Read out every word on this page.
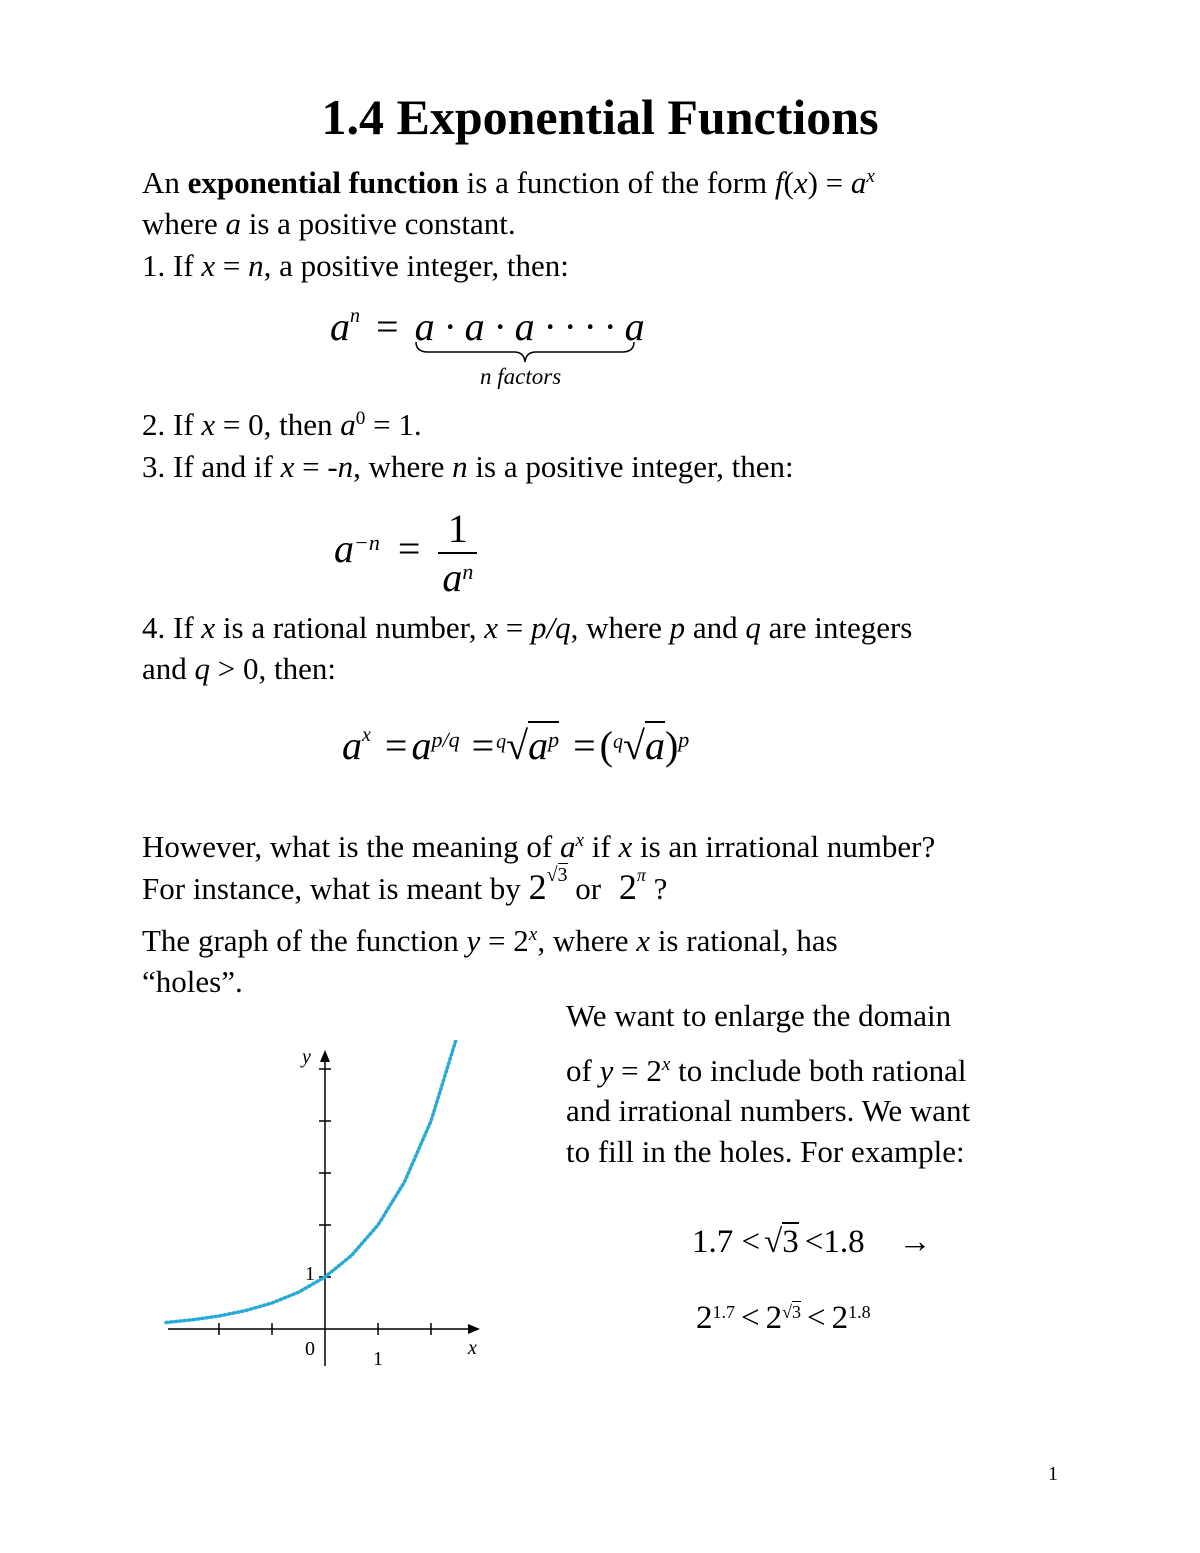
1.4 Exponential Functions
An exponential function is a function of the form $f(x) = a^x$
where a is a positive constant.
1. If x = n, a positive integer, then:
$a^n = a \cdot a \cdot a$ · · · · a
n factors
2. If x = 0, then $a^0 = 1$.
3. If and if x = -n, where n is a positive integer, then:
$a^{-n} = \frac{1}{a^n}$
4. If x is a rational number, x = p/q, where p and q are integers
and q > 0, then:
$a^x = a^{p/q} = ^q√a^p = (^q√a)^p$
However, what is the meaning of $a^x$ if x is an irrational number?
For instance, what is meant by $2^{√3}$ or $2^\pi$ ?
The graph of the function $y = 2^x$, where x is rational, has
“holes”.
We want to enlarge the domain
of $y = 2^x$ to include both rational
and irrational numbers. We want
to fill in the holes. For example:
1.7 < √3 <1.8 →
$2^{1.7} < 2^{√3} < 2^{1.8}$
y
x
0	1
1
1
